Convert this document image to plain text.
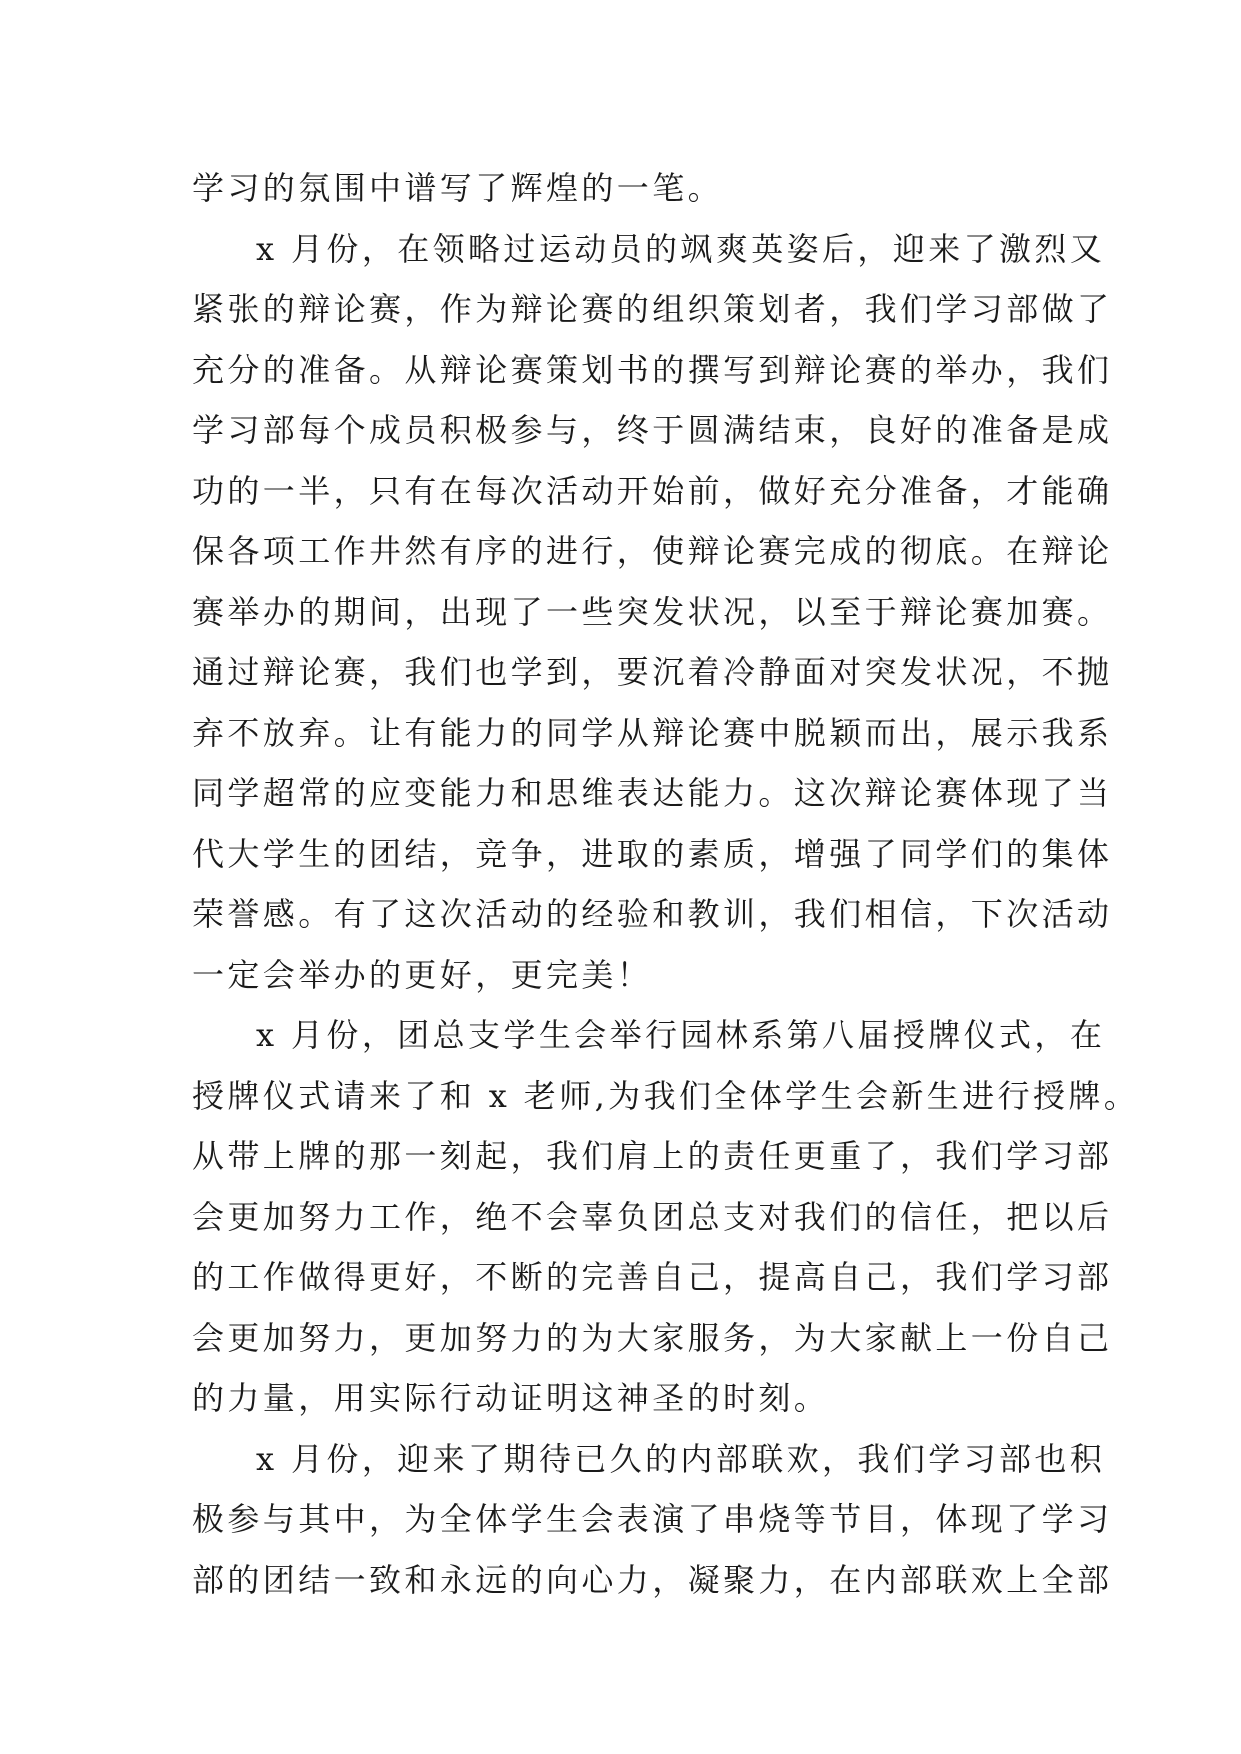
学习的氛围中谱写了辉煌的一笔。
x 月份，在领略过运动员的飒爽英姿后，迎来了激烈又
紧张的辩论赛，作为辩论赛的组织策划者，我们学习部做了
充分的准备。从辩论赛策划书的撰写到辩论赛的举办，我们
学习部每个成员积极参与，终于圆满结束，良好的准备是成
功的一半，只有在每次活动开始前，做好充分准备，才能确
保各项工作井然有序的进行，使辩论赛完成的彻底。在辩论
赛举办的期间，出现了一些突发状况，以至于辩论赛加赛。
通过辩论赛，我们也学到，要沉着冷静面对突发状况，不抛
弃不放弃。让有能力的同学从辩论赛中脱颖而出，展示我系
同学超常的应变能力和思维表达能力。这次辩论赛体现了当
代大学生的团结，竞争，进取的素质，增强了同学们的集体
荣誉感。有了这次活动的经验和教训，我们相信，下次活动
一定会举办的更好，更完美！
x 月份，团总支学生会举行园林系第八届授牌仪式，在
授牌仪式请来了和 x 老师,为我们全体学生会新生进行授牌。
从带上牌的那一刻起，我们肩上的责任更重了，我们学习部
会更加努力工作，绝不会辜负团总支对我们的信任，把以后
的工作做得更好，不断的完善自己，提高自己，我们学习部
会更加努力，更加努力的为大家服务，为大家献上一份自己
的力量，用实际行动证明这神圣的时刻。
x 月份，迎来了期待已久的内部联欢，我们学习部也积
极参与其中，为全体学生会表演了串烧等节目，体现了学习
部的团结一致和永远的向心力，凝聚力，在内部联欢上全部
